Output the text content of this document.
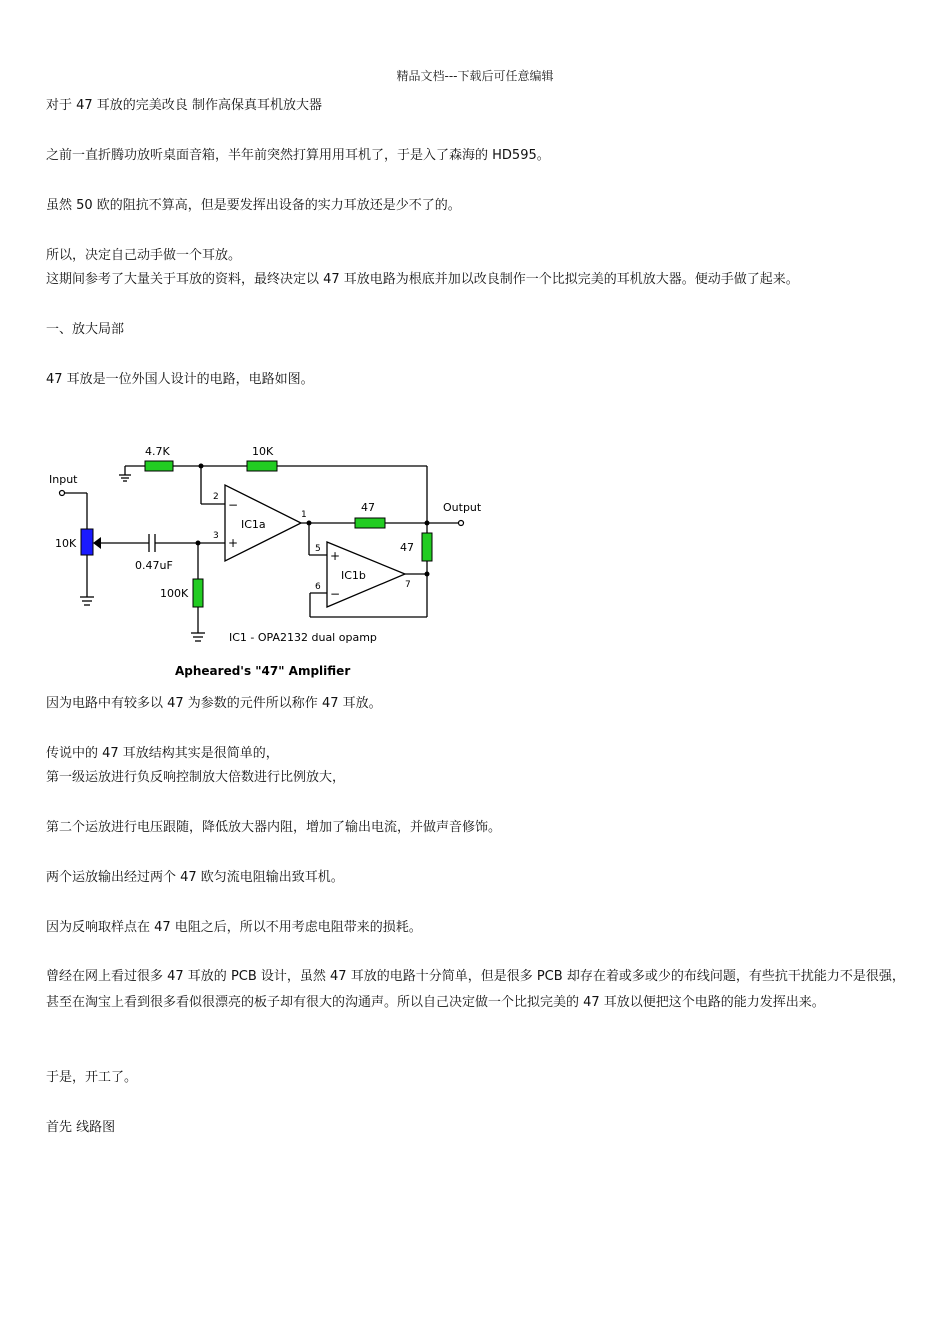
精品文档---下载后可任意编辑
对于 47 耳放的完美改良 制作高保真耳机放大器
之前一直折腾功放听桌面音箱，半年前突然打算用用耳机了，于是入了森海的 HD595。
虽然 50 欧的阻抗不算高，但是要发挥出设备的实力耳放还是少不了的。
所以，决定自己动手做一个耳放。
这期间参考了大量关于耳放的资料，最终决定以 47 耳放电路为根底并加以改良制作一个比拟完美的耳机放大器。便动手做了起来。
一、放大局部
47 耳放是一位外国人设计的电路，电路如图。
4.7K	10K
Input
Output
10K
0.47uF
100K
47
47
IC1a
IC1b
IC1 - OPA2132 dual opamp
1
2
3
5
6	7
−
+
+
−
Apheared's "47" Amplifier
因为电路中有较多以 47 为参数的元件所以称作 47 耳放。
传说中的 47 耳放结构其实是很简单的，
第一级运放进行负反响控制放大倍数进行比例放大，
第二个运放进行电压跟随，降低放大器内阻，增加了输出电流，并做声音修饰。
两个运放输出经过两个 47 欧匀流电阻输出致耳机。
因为反响取样点在 47 电阻之后，所以不用考虑电阻带来的损耗。
曾经在网上看过很多 47 耳放的 PCB 设计，虽然 47 耳放的电路十分简单，但是很多 PCB 却存在着或多或少的布线问题，有些抗干扰能力不是很强，甚至在淘宝上看到很多看似很漂亮的板子却有很大的沟通声。所以自己决定做一个比拟完美的 47 耳放以便把这个电路的能力发挥出来。
于是，开工了。
首先 线路图
